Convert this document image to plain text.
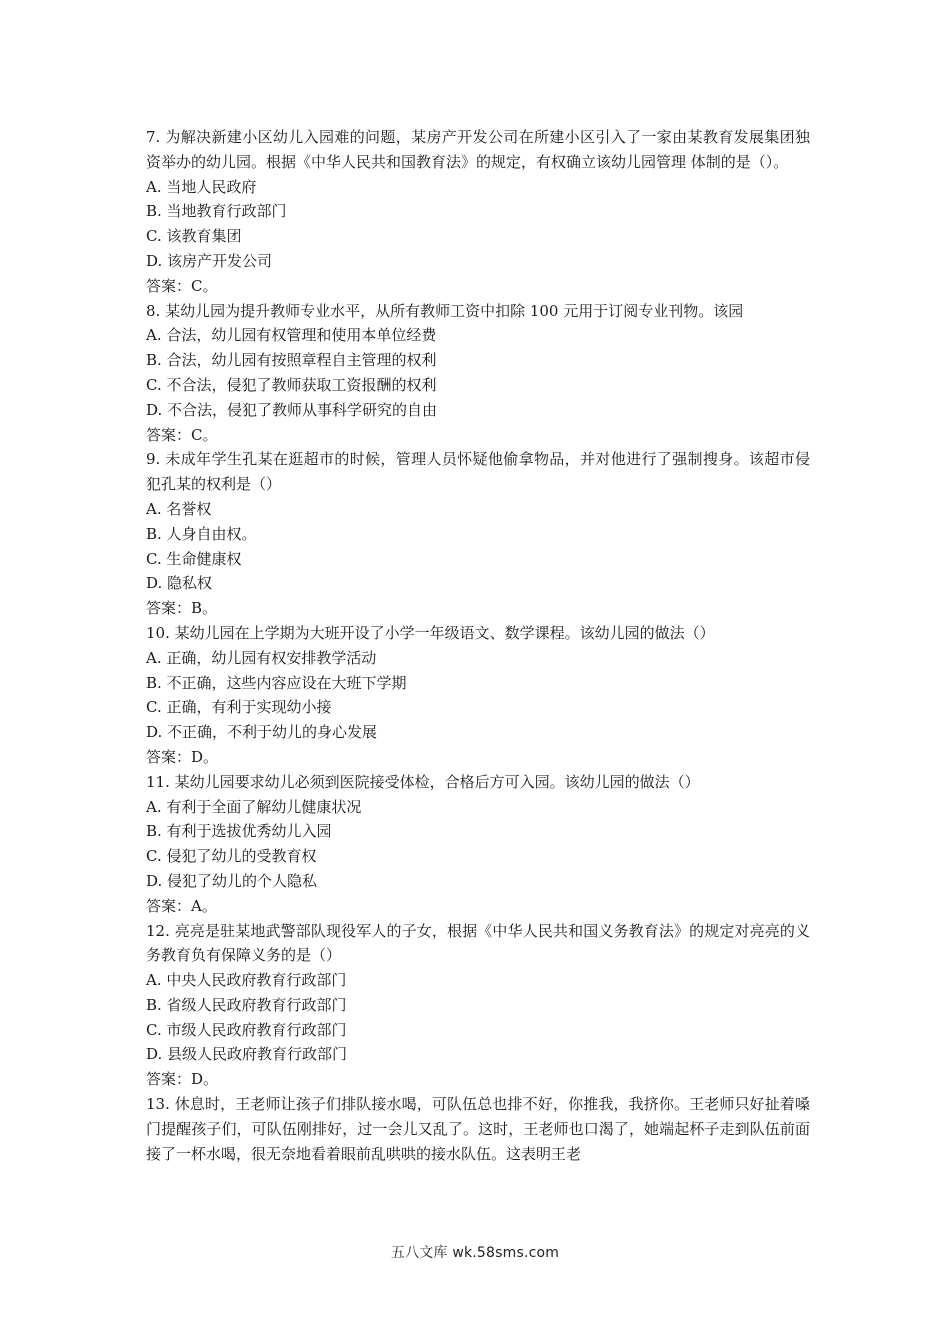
7. 为解决新建小区幼儿入园难的问题，某房产开发公司在所建小区引入了一家由某教育发展集团独资举办的幼儿园。根据《中华人民共和国教育法》的规定，有权确立该幼儿园管理 体制的是（）。

A. 当地人民政府

B. 当地教育行政部门

C. 该教育集团

D. 该房产开发公司

答案：C。

8. 某幼儿园为提升教师专业水平，从所有教师工资中扣除 100 元用于订阅专业刊物。该园

A. 合法，幼儿园有权管理和使用本单位经费

B. 合法，幼儿园有按照章程自主管理的权利

C. 不合法，侵犯了教师获取工资报酬的权利

D. 不合法，侵犯了教师从事科学研究的自由

答案：C。

9. 未成年学生孔某在逛超市的时候，管理人员怀疑他偷拿物品，并对他进行了强制搜身。该超市侵犯孔某的权利是（）

A. 名誉权

B. 人身自由权。

C. 生命健康权

D. 隐私权

答案：B。

10. 某幼儿园在上学期为大班开设了小学一年级语文、数学课程。该幼儿园的做法（）

A. 正确，幼儿园有权安排教学活动

B. 不正确，这些内容应设在大班下学期

C. 正确，有利于实现幼小接

D. 不正确，不利于幼儿的身心发展

答案：D。

11. 某幼儿园要求幼儿必须到医院接受体检，合格后方可入园。该幼儿园的做法（）

A. 有利于全面了解幼儿健康状况

B. 有利于选拔优秀幼儿入园

C. 侵犯了幼儿的受教育权

D. 侵犯了幼儿的个人隐私

答案：A。

12. 亮亮是驻某地武警部队现役军人的子女，根据《中华人民共和国义务教育法》的规定对亮亮的义务教育负有保障义务的是（）

A. 中央人民政府教育行政部门

B. 省级人民政府教育行政部门

C. 市级人民政府教育行政部门

D. 县级人民政府教育行政部门

答案：D。

13. 休息时，王老师让孩子们排队接水喝，可队伍总也排不好，你推我，我挤你。王老师只好扯着嗓门提醒孩子们，可队伍刚排好，过一会儿又乱了。这时，王老师也口渴了，她端起杯子走到队伍前面接了一杯水喝，很无奈地看着眼前乱哄哄的接水队伍。这表明王老

五八文库 wk.58sms.com
